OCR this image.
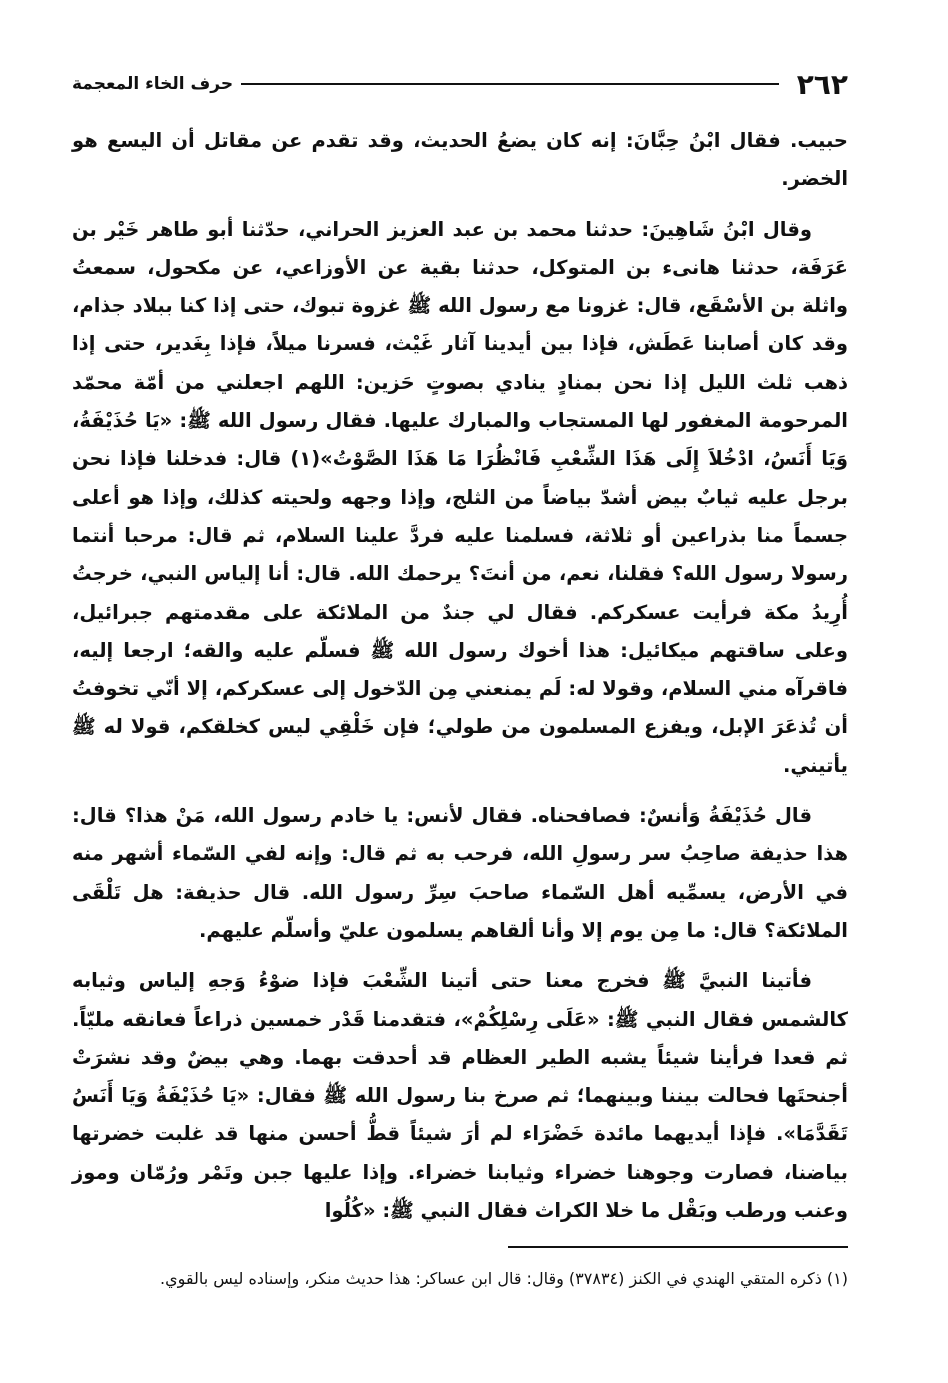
٢٦٢
حرف الخاء المعجمة

حبيب. فقال ابْنُ حِبَّانَ: إنه كان يضعُ الحديث، وقد تقدم عن مقاتل أن اليسع هو الخضر.

وقال ابْنُ شَاهِينَ: حدثنا محمد بن عبد العزيز الحراني، حدّثنا أبو طاهر خَيْر بن عَرَفَة، حدثنا هانىء بن المتوكل، حدثنا بقية عن الأوزاعي، عن مكحول، سمعتُ واثلة بن الأسْقَع، قال: غزونا مع رسول الله ﷺ غزوة تبوك، حتى إذا كنا ببلاد جذام، وقد كان أصابنا عَطَش، فإذا بين أيدينا آثار غَيْث، فسرنا ميلاً، فإذا بِغَدير، حتى إذا ذهب ثلث الليل إذا نحن بمنادٍ ينادي بصوتٍ حَزين: اللهم اجعلني من أمّة محمّد المرحومة المغفور لها المستجاب والمبارك عليها. فقال رسول الله ﷺ: «يَا حُذَيْفَةُ، وَيَا أَنَسُ، ادْخُلاَ إِلَى هَذَا الشِّعْبِ فَانْظُرَا مَا هَذَا الصَّوْتُ»(١) قال: فدخلنا فإذا نحن برجل عليه ثيابٌ بيض أشدّ بياضاً من الثلج، وإذا وجهه ولحيته كذلك، وإذا هو أعلى جسماً منا بذراعين أو ثلاثة، فسلمنا عليه فردَّ علينا السلام، ثم قال: مرحبا أنتما رسولا رسول الله؟ فقلنا، نعم، من أنتَ؟ يرحمك الله. قال: أنا إلياس النبي، خرجتُ أُرِيدُ مكة فرأيت عسكركم. فقال لي جندٌ من الملائكة على مقدمتهم جبرائيل، وعلى ساقتهم ميكائيل: هذا أخوك رسول الله ﷺ فسلّم عليه والقه؛ ارجعا إليه، فاقرآه مني السلام، وقولا له: لَم يمنعني مِن الدّخول إلى عسكركم، إلا أنّي تخوفتُ أن تُذعَرَ الإبل، ويفزع المسلمون من طولي؛ فإن خَلْقِي ليس كخلقكم، قولا له ﷺ يأتيني.

قال حُذَيْفَةُ وَأنسٌ: فصافحناه. فقال لأنس: يا خادم رسول الله، مَنْ هذا؟ قال: هذا حذيفة صاحِبُ سر رسولِ الله، فرحب به ثم قال: وإنه لفي السّماء أشهر منه في الأرض، يسمِّيه أهل السّماء صاحبَ سِرِّ رسول الله. قال حذيفة: هل تَلْقَى الملائكة؟ قال: ما مِن يوم إلا وأنا ألقاهم يسلمون عليّ وأسلّم عليهم.

فأتينا النبيَّ ﷺ فخرج معنا حتى أتينا الشِّعْبَ فإذا ضوْءُ وَجهِ إلياس وثيابه كالشمس فقال النبي ﷺ: «عَلَى رِسْلِكُمْ»، فتقدمنا قَدْر خمسين ذراعاً فعانقه مليّاً. ثم قعدا فرأينا شيئاً يشبه الطير العظام قد أحدقت بهما. وهي بيضٌ وقد نشرَتْ أجنحتَها فحالت بيننا وبينهما؛ ثم صرخ بنا رسول الله ﷺ فقال: «يَا حُذَيْفَةُ وَيَا أَنَسُ تَقَدَّمَا». فإذا أيديهما مائدة خَضْرَاء لم أرَ شيئاً قطُّ أحسن منها قد غلبت خضرتها بياضنا، فصارت وجوهنا خضراء وثيابنا خضراء. وإذا عليها جبن وتَمْر ورُمّان وموز وعنب ورطب وبَقْل ما خلا الكراث فقال النبي ﷺ: «كُلُوا

(١) ذكره المتقي الهندي في الكنز (٣٧٨٣٤) وقال: قال ابن عساكر: هذا حديث منكر، وإسناده ليس بالقوي.
